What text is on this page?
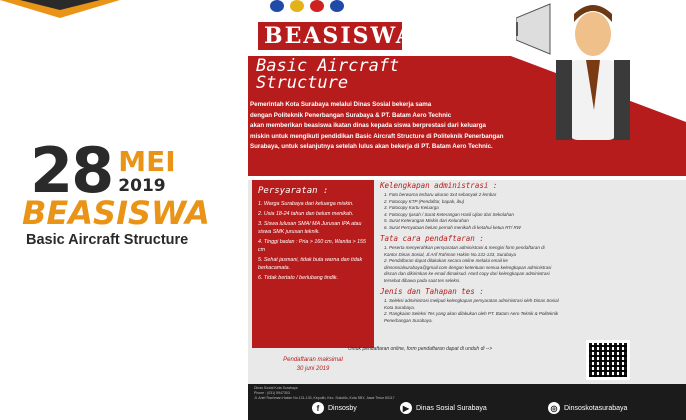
28 MEI
2019
BEASISWA
Basic Aircraft Structure
BEASISWA
Basic Aircraft
Structure
Pemerintah Kota Surabaya melalui Dinas Sosial bekerja sama
dengan Politeknik Penerbangan Surabaya & PT. Batam Aero Technic
akan memberikan beasiswa ikatan dinas kepada siswa berprestasi dari keluarga
miskin untuk mengikuti pendidikan Basic Aircraft Structure di Politeknik Penerbangan
Surabaya, untuk selanjutnya setelah lulus akan bekerja di PT. Batam Aero Technic.
Persyaratan :
1. Warga Surabaya dari keluarga miskin.
2. Usia 18-24 tahun dan belum menikah.
3. Siswa lulusan SMA/ MA Jurusan IPA atau siswa SMK jurusan teknik.
4. Tinggi badan : Pria > 160 cm, Wanita > 155 cm
5. Sehat jasmani, tidak buta warna dan tidak berkacamata.
6. Tidak bertato / berlubang tindik.
Pendaftaran maksimal
30 juni 2019
Kelengkapan administrasi :
1. Foto berwarna terbaru ukuran 3x4 sebanyak 2 lembar
2. Fotocopy KTP (Pendaftar, bapak, ibu)
3. Fotocopy Kartu Keluarga
4. Fotocopy Ijasah / Surat Keterangan Hasil Ujian dari Sekolahan
5. Surat Keterangan Miskin dari Kelurahan
6. Surat Pernyataan belum pernah menikah di ketahui ketua RT/ RW
Tata cara pendaftaran :
1. Peserta menyerahkan persyaratan administrasi & mengisi form pendaftaran di
Kantor Dinas Sosial, Jl.Arif Rahman Hakim No.131-133, Surabaya
2. Pendaftaran dapat dilakukan secara online melalui email ke
dinsossialsurabaya@gmail.com dengan ketentuan semua kelengkapan administrasi
discan dan dikirimkan ke email dimaksud. Hard copy dari kelengkapan administrasi
tersebut dibawa pada saat tes seleksi.
Jenis dan Tahapan tes :
1. Seleksi administrasi meliputi kelengkapan persyaratan administrasi oleh Dinas Sosial
Kota Surabaya.
2. Rangkaian Seleksi Tes yang akan dilakukan oleh PT. Batam Aero Teknik & Politeknik
Penerbangan Surabaya.
Untuk pendaftaran online, form pendaftaran dapat di unduh di -->
Dinas Sosial Kota Surabaya
Phone : (031) 5947303
Jl. Arief Rachman Hakim No.131-133, Keputih, Kec. Sukolilo, Kota SBY, Jawa Timur 60117
f	Dinsosby	▶ Dinas Sosial Surabaya	◎ Dinsoskotasurabaya
